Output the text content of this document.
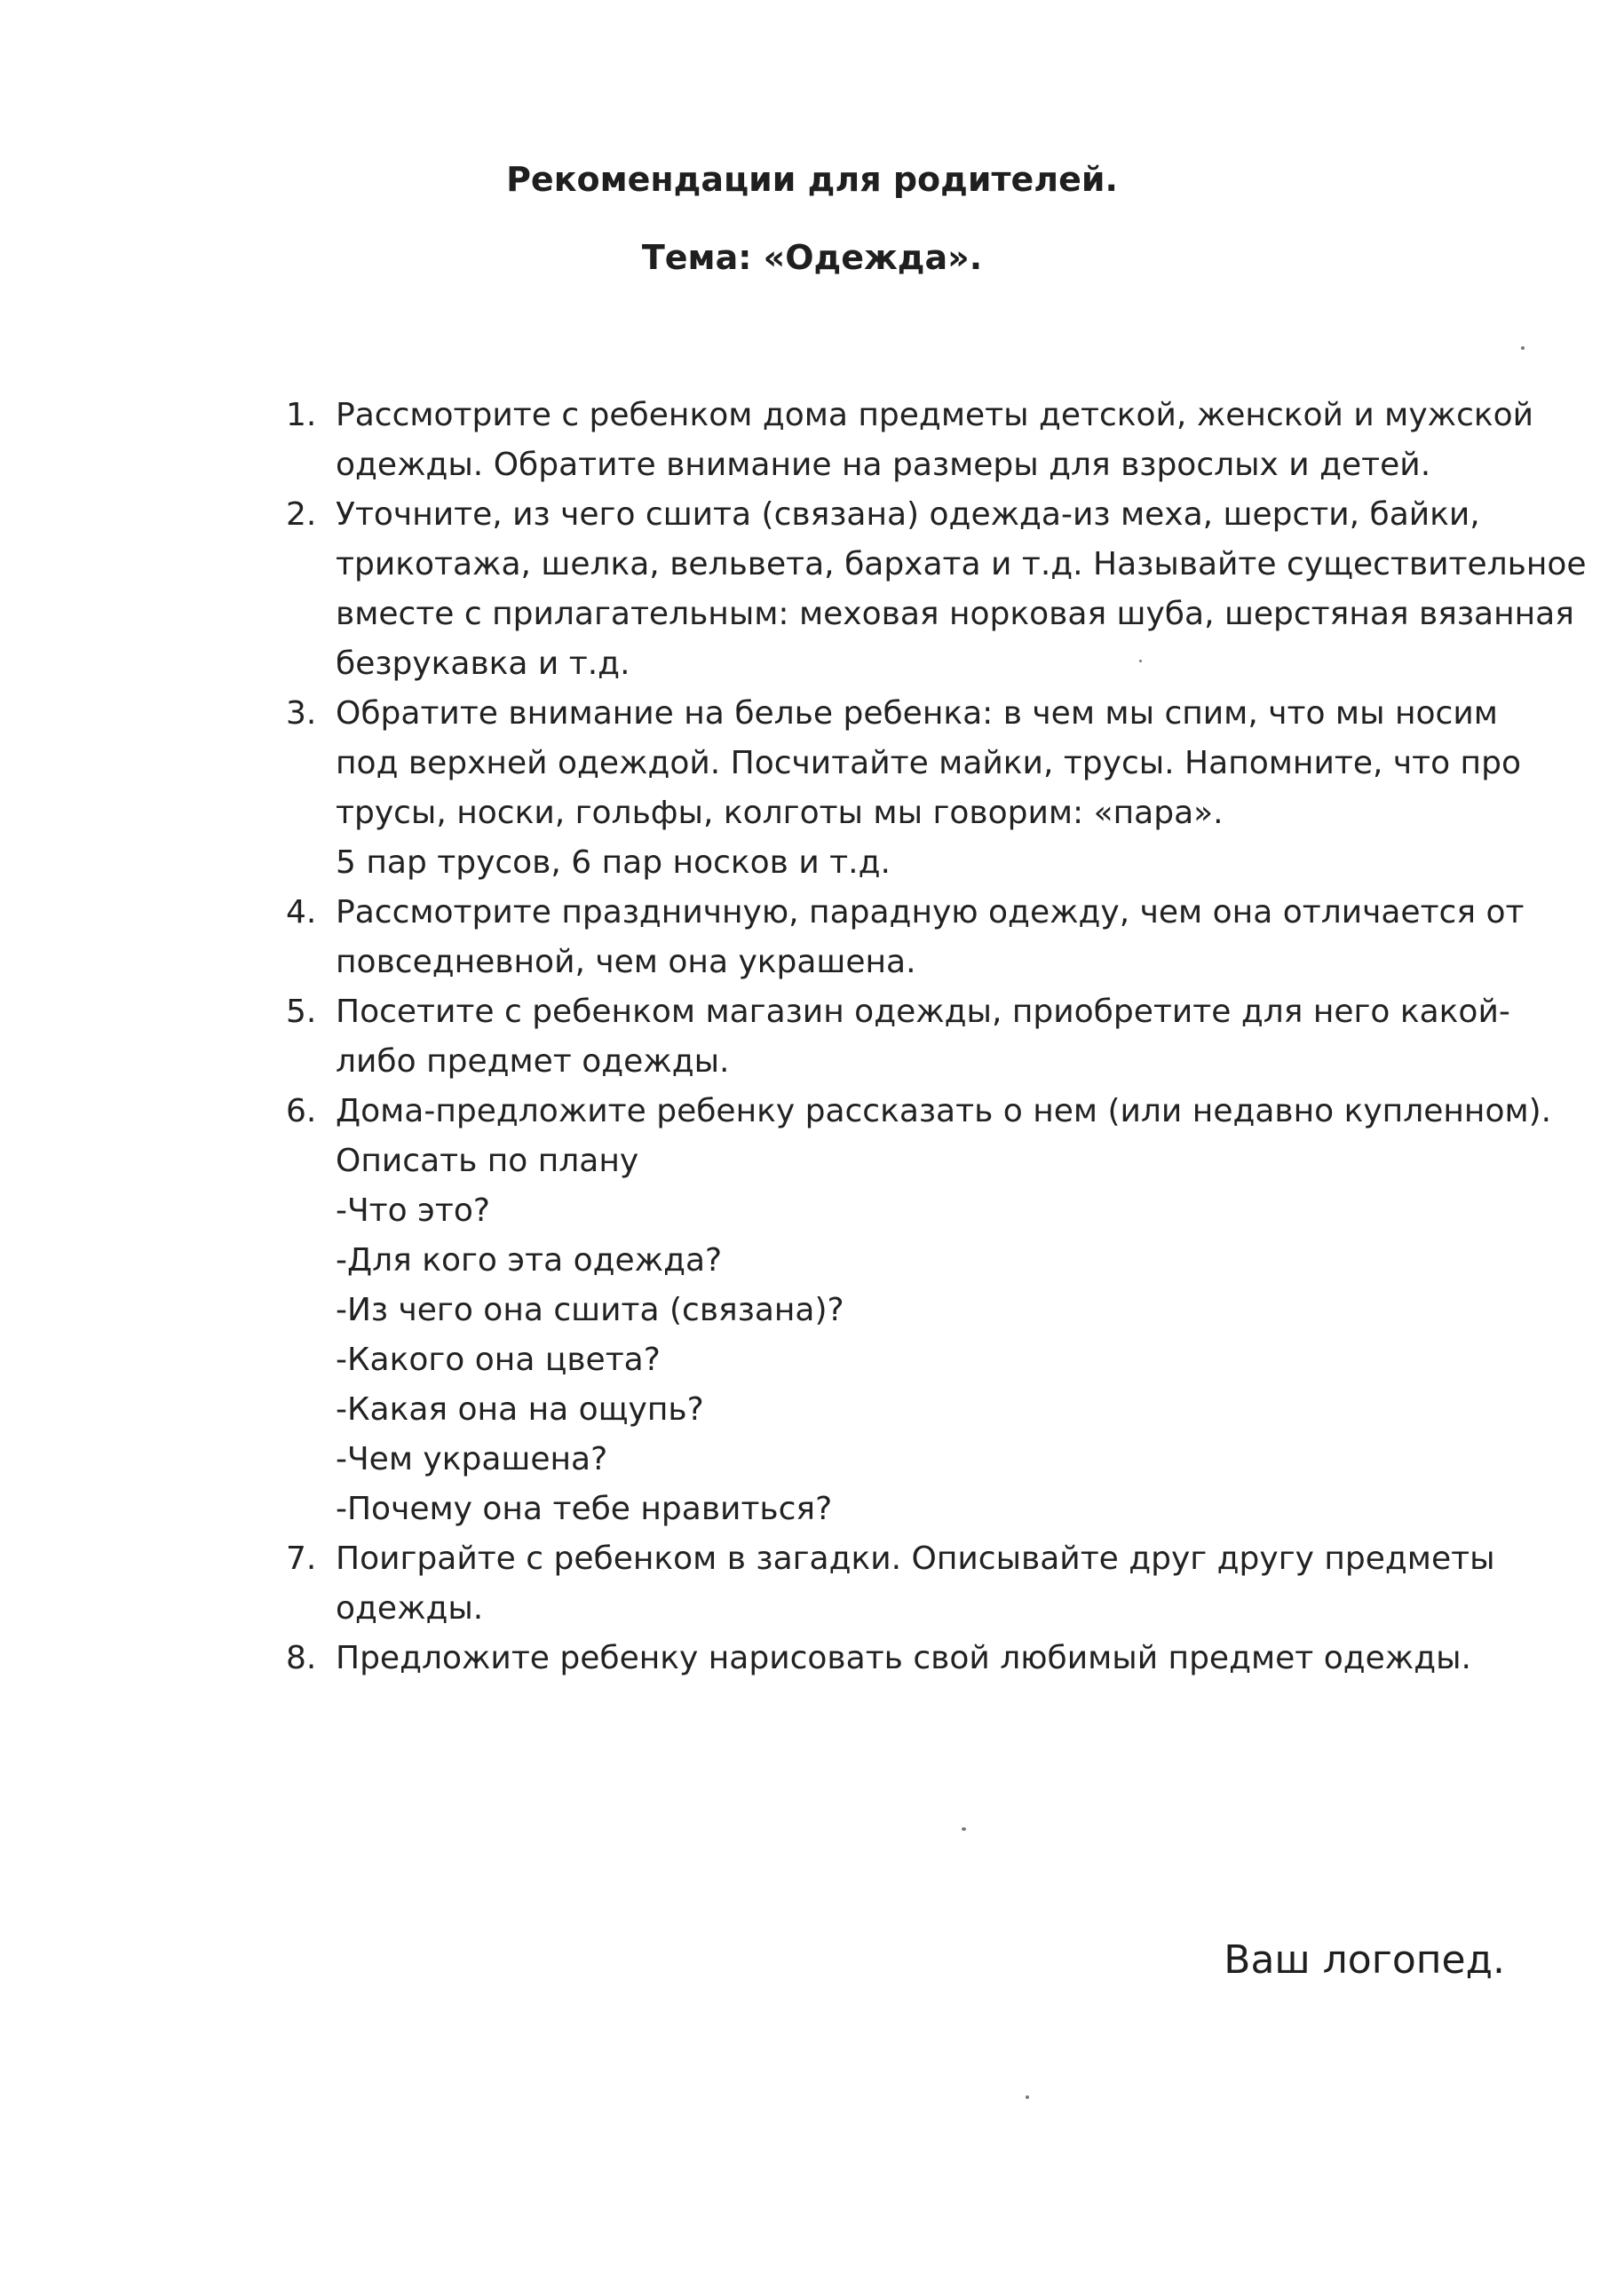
Рекомендации для родителей.
Тема: «Одежда».
1. Рассмотрите с ребенком дома предметы детской, женской и мужской
одежды. Обратите внимание на размеры для взрослых и детей.
2. Уточните, из чего сшита (связана) одежда-из меха, шерсти, байки,
трикотажа, шелка, вельвета, бархата и т.д. Называйте существительное
вместе с прилагательным: меховая норковая шуба, шерстяная вязанная
безрукавка и т.д.
3. Обратите внимание на белье ребенка: в чем мы спим, что мы носим
под верхней одеждой. Посчитайте майки, трусы. Напомните, что про
трусы, носки, гольфы, колготы мы говорим: «пара».
5 пар трусов, 6 пар носков и т.д.
4. Рассмотрите праздничную, парадную одежду, чем она отличается от
повседневной, чем она украшена.
5. Посетите с ребенком магазин одежды, приобретите для него какой-
либо предмет одежды.
6. Дома-предложите ребенку рассказать о нем (или недавно купленном).
Описать по плану
-Что это?
-Для кого эта одежда?
-Из чего она сшита (связана)?
-Какого она цвета?
-Какая она на ощупь?
-Чем украшена?
-Почему она тебе нравиться?
7. Поиграйте с ребенком в загадки. Описывайте друг другу предметы
одежды.
8. Предложите ребенку нарисовать свой любимый предмет одежды.
Ваш логопед.
